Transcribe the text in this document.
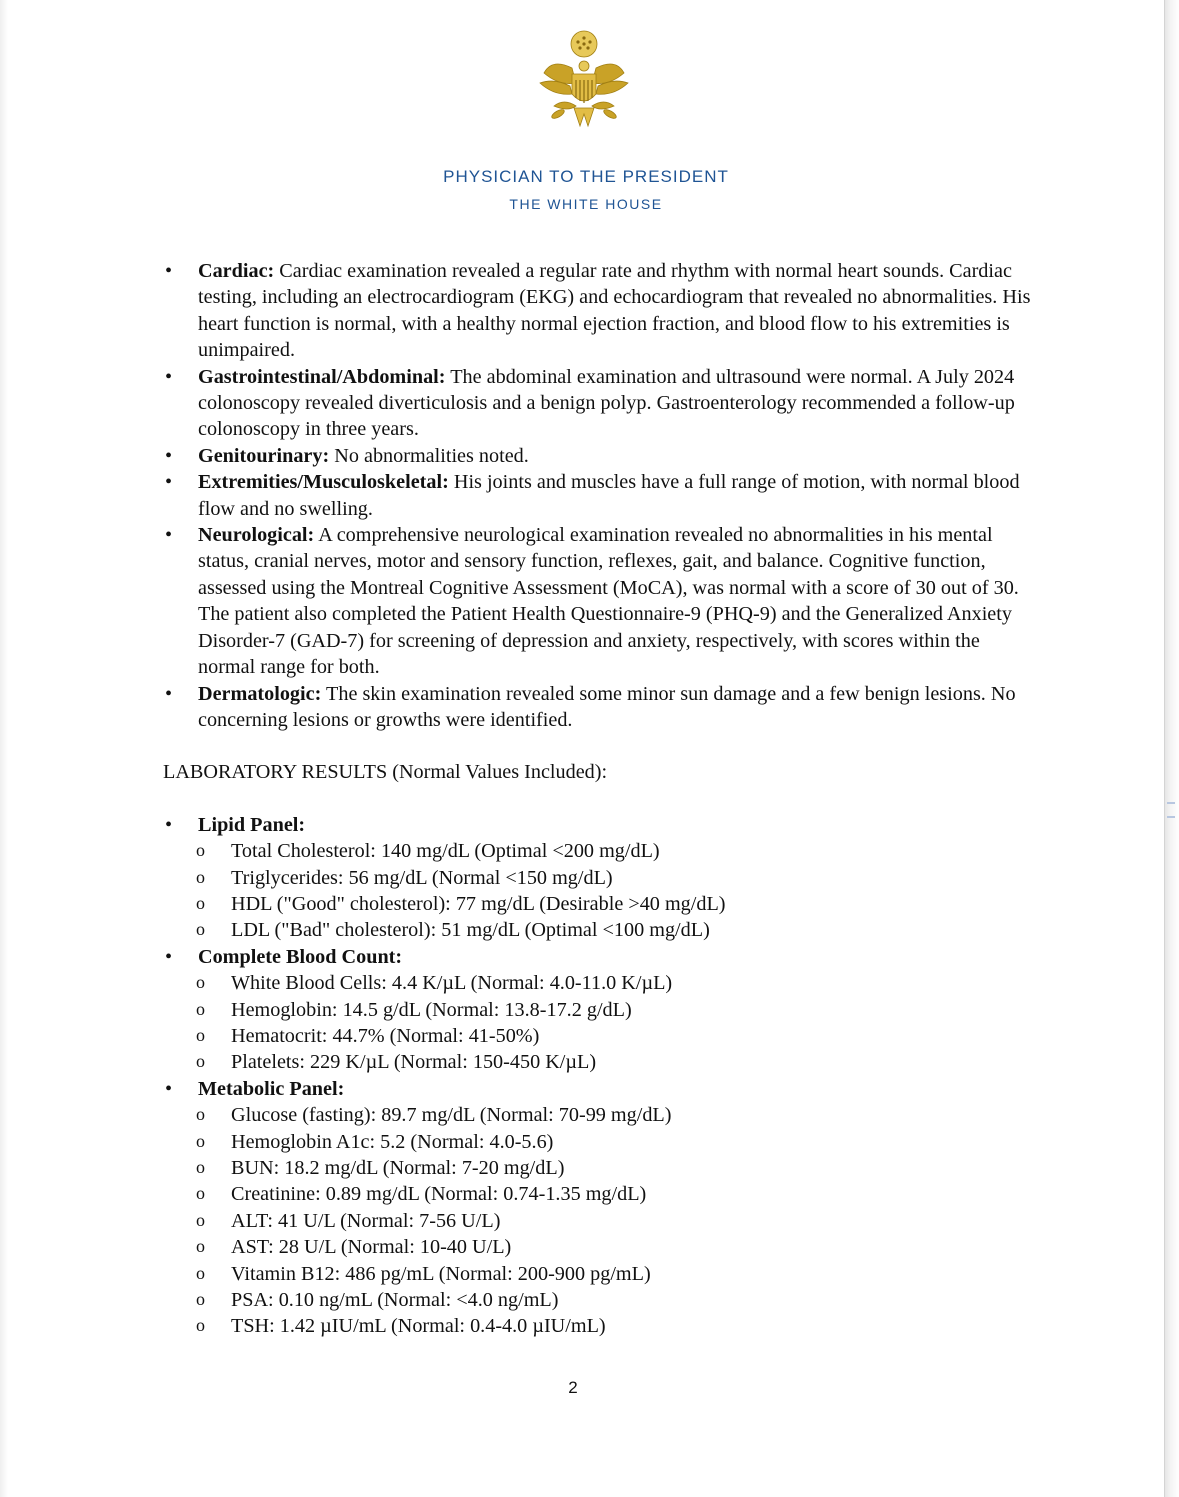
PHYSICIAN TO THE PRESIDENT
THE WHITE HOUSE
• Cardiac: Cardiac examination revealed a regular rate and rhythm with normal heart sounds. Cardiac testing, including an electrocardiogram (EKG) and echocardiogram that revealed no abnormalities. His heart function is normal, with a healthy normal ejection fraction, and blood flow to his extremities is unimpaired.
• Gastrointestinal/Abdominal: The abdominal examination and ultrasound were normal. A July 2024 colonoscopy revealed diverticulosis and a benign polyp. Gastroenterology recommended a follow-up colonoscopy in three years.
• Genitourinary: No abnormalities noted.
• Extremities/Musculoskeletal: His joints and muscles have a full range of motion, with normal blood flow and no swelling.
• Neurological: A comprehensive neurological examination revealed no abnormalities in his mental status, cranial nerves, motor and sensory function, reflexes, gait, and balance. Cognitive function, assessed using the Montreal Cognitive Assessment (MoCA), was normal with a score of 30 out of 30. The patient also completed the Patient Health Questionnaire-9 (PHQ-9) and the Generalized Anxiety Disorder-7 (GAD-7) for screening of depression and anxiety, respectively, with scores within the normal range for both.
• Dermatologic: The skin examination revealed some minor sun damage and a few benign lesions. No concerning lesions or growths were identified.
LABORATORY RESULTS (Normal Values Included):
• Lipid Panel:
o Total Cholesterol: 140 mg/dL (Optimal <200 mg/dL)
o Triglycerides: 56 mg/dL (Normal <150 mg/dL)
o HDL ("Good" cholesterol): 77 mg/dL (Desirable >40 mg/dL)
o LDL ("Bad" cholesterol): 51 mg/dL (Optimal <100 mg/dL)
• Complete Blood Count:
o White Blood Cells: 4.4 K/µL (Normal: 4.0-11.0 K/µL)
o Hemoglobin: 14.5 g/dL (Normal: 13.8-17.2 g/dL)
o Hematocrit: 44.7% (Normal: 41-50%)
o Platelets: 229 K/µL (Normal: 150-450 K/µL)
• Metabolic Panel:
o Glucose (fasting): 89.7 mg/dL (Normal: 70-99 mg/dL)
o Hemoglobin A1c: 5.2 (Normal: 4.0-5.6)
o BUN: 18.2 mg/dL (Normal: 7-20 mg/dL)
o Creatinine: 0.89 mg/dL (Normal: 0.74-1.35 mg/dL)
o ALT: 41 U/L (Normal: 7-56 U/L)
o AST: 28 U/L (Normal: 10-40 U/L)
o Vitamin B12: 486 pg/mL (Normal: 200-900 pg/mL)
o PSA: 0.10 ng/mL (Normal: <4.0 ng/mL)
o TSH: 1.42 µIU/mL (Normal: 0.4-4.0 µIU/mL)
2
